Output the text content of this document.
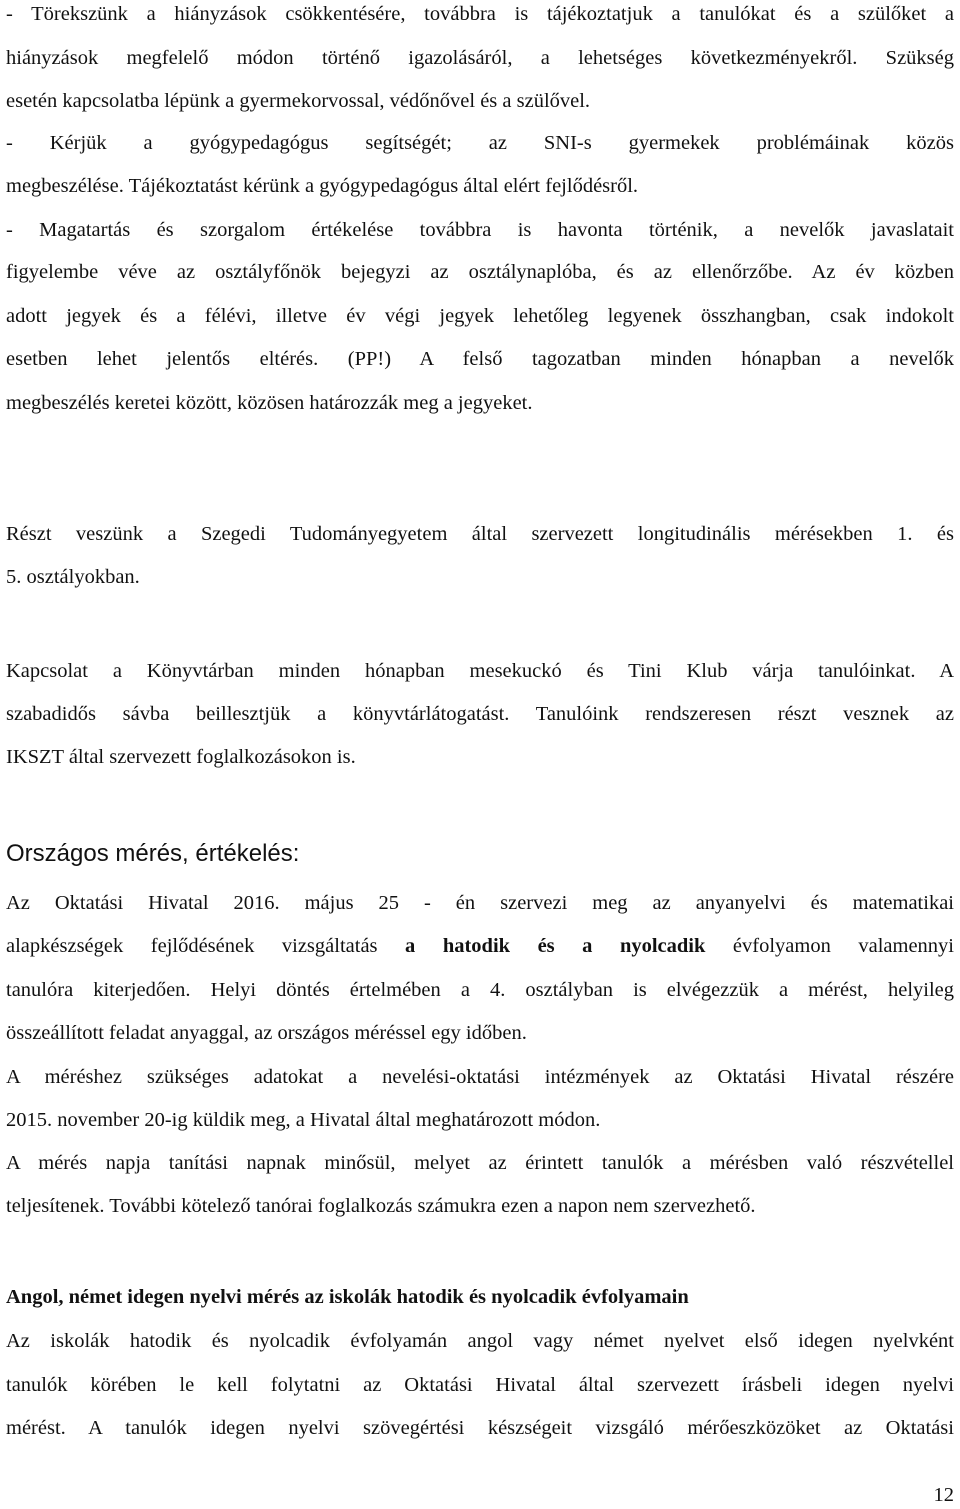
- Törekszünk a hiányzások csökkentésére, továbbra is tájékoztatjuk a tanulókat és a szülőket a
hiányzások megfelelő módon történő igazolásáról, a lehetséges következményekről. Szükség
esetén kapcsolatba lépünk a gyermekorvossal, védőnővel és a szülővel.
- Kérjük a gyógypedagógus segítségét; az SNI-s gyermekek problémáinak közös
megbeszélése. Tájékoztatást kérünk a gyógypedagógus által elért fejlődésről.
- Magatartás és szorgalom értékelése továbbra is havonta történik, a nevelők javaslatait
figyelembe véve az osztályfőnök bejegyzi az osztálynaplóba, és az ellenőrzőbe. Az év közben
adott jegyek és a félévi, illetve év végi jegyek lehetőleg legyenek összhangban, csak indokolt
esetben lehet jelentős eltérés. (PP!) A felső tagozatban minden hónapban a nevelők
megbeszélés keretei között, közösen határozzák meg a jegyeket.
Részt veszünk a Szegedi Tudományegyetem által szervezett longitudinális mérésekben 1. és
5. osztályokban.
Kapcsolat a Könyvtárban minden hónapban mesekuckó és Tini Klub várja tanulóinkat. A
szabadidős sávba beillesztjük a könyvtárlátogatást. Tanulóink rendszeresen részt vesznek az
IKSZT által szervezett foglalkozásokon is.
Országos mérés, értékelés:
Az Oktatási Hivatal 2016. május 25 - én szervezi meg az anyanyelvi és matematikai
alapkészségek fejlődésének vizsgáltatás a hatodik és a nyolcadik évfolyamon valamennyi
tanulóra kiterjedően. Helyi döntés értelmében a 4. osztályban is elvégezzük a mérést, helyileg
összeállított feladat anyaggal, az országos méréssel egy időben.
A méréshez szükséges adatokat a nevelési-oktatási intézmények az Oktatási Hivatal részére
2015. november 20-ig küldik meg, a Hivatal által meghatározott módon.
A mérés napja tanítási napnak minősül, melyet az érintett tanulók a mérésben való részvétellel
teljesítenek. További kötelező tanórai foglalkozás számukra ezen a napon nem szervezhető.
Angol, német idegen nyelvi mérés az iskolák hatodik és nyolcadik évfolyamain
Az iskolák hatodik és nyolcadik évfolyamán angol vagy német nyelvet első idegen nyelvként
tanulók körében le kell folytatni az Oktatási Hivatal által szervezett írásbeli idegen nyelvi
mérést. A tanulók idegen nyelvi szövegértési készségeit vizsgáló mérőeszközöket az Oktatási
12
